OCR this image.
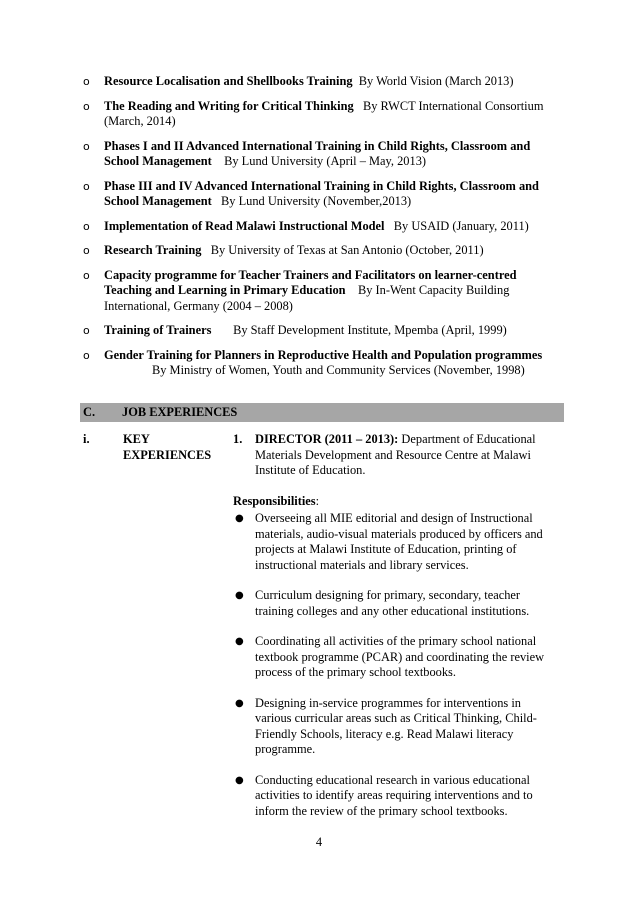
o	Resource Localisation and Shellbooks Training By World Vision (March 2013)
o	The Reading and Writing for Critical Thinking By RWCT International Consortium (March, 2014)
o	Phases I and II Advanced International Training in Child Rights, Classroom and School Management By Lund University (April – May, 2013)
o	Phase III and IV Advanced International Training in Child Rights, Classroom and School Management By Lund University (November,2013)
o	Implementation of Read Malawi Instructional Model By USAID (January, 2011)
o	Research Training By University of Texas at San Antonio (October, 2011)
o	Capacity programme for Teacher Trainers and Facilitators on learner-centred Teaching and Learning in Primary Education By In-Went Capacity Building International, Germany (2004 – 2008)
o	Training of Trainers By Staff Development Institute, Mpemba (April, 1999)
o	Gender Training for Planners in Reproductive Health and Population programmes
By Ministry of Women, Youth and Community Services (November, 1998)
C. JOB EXPERIENCES
i.	KEY EXPERIENCES
1. DIRECTOR (2011 – 2013): Department of Educational Materials Development and Resource Centre at Malawi Institute of Education.
Responsibilities:
● Overseeing all MIE editorial and design of Instructional materials, audio-visual materials produced by officers and projects at Malawi Institute of Education, printing of instructional materials and library services.
● Curriculum designing for primary, secondary, teacher training colleges and any other educational institutions.
● Coordinating all activities of the primary school national textbook programme (PCAR) and coordinating the review process of the primary school textbooks.
● Designing in-service programmes for interventions in various curricular areas such as Critical Thinking, Child-Friendly Schools, literacy e.g. Read Malawi literacy programme.
● Conducting educational research in various educational activities to identify areas requiring interventions and to inform the review of the primary school textbooks.
4
